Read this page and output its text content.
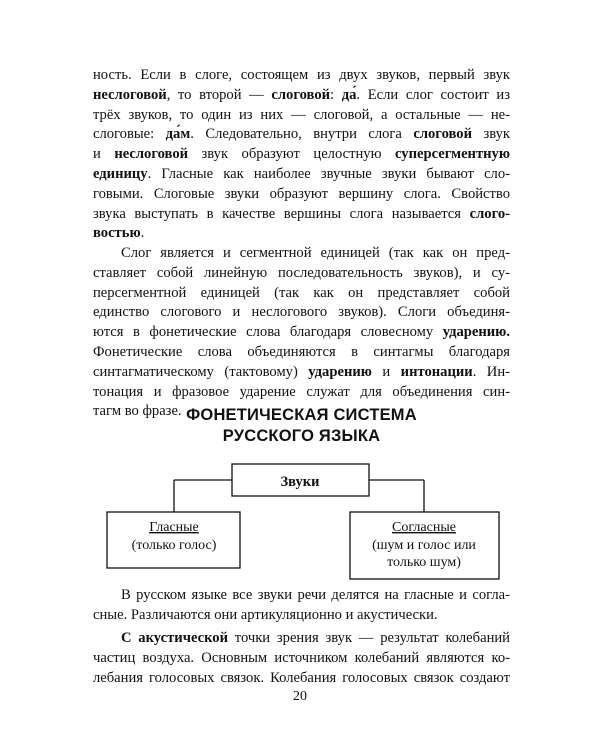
ность. Если в слоге, состоящем из двух звуков, первый звук
неслоговой, то второй — слоговой: да́. Если слог состоит из
трёх звуков, то один из них — слоговой, а остальные — не-
слоговые: да́м. Следовательно, внутри слога слоговой звук
и неслоговой звук образуют целостную суперсегментную
единицу. Гласные как наиболее звучные звуки бывают сло-
говыми. Слоговые звуки образуют вершину слога. Свойство
звука выступать в качестве вершины слога называется слого-
востью.
Слог является и сегментной единицей (так как он пред-
ставляет собой линейную последовательность звуков), и су-
персегментной единицей (так как он представляет собой
единство слогового и неслогового звуков). Слоги объединя-
ются в фонетические слова благодаря словесному ударению.
Фонетические слова объединяются в синтагмы благодаря
синтагматическому (тактовому) ударению и интонации. Ин-
тонация и фразовое ударение служат для объединения син-
тагм во фразе. ФОНЕТИЧЕСКАЯ СИСТЕМА
РУССКОГО ЯЗЫКА
Звуки
Гласные
(только голос)
Согласные
(шум и голос или
только шум)
В русском языке все звуки речи делятся на гласные и согла-
сные. Различаются они артикуляционно и акустически.
С акустической точки зрения звук — результат колебаний
частиц воздуха. Основным источником колебаний являются ко-
лебания голосовых связок. Колебания голосовых связок создают
20
